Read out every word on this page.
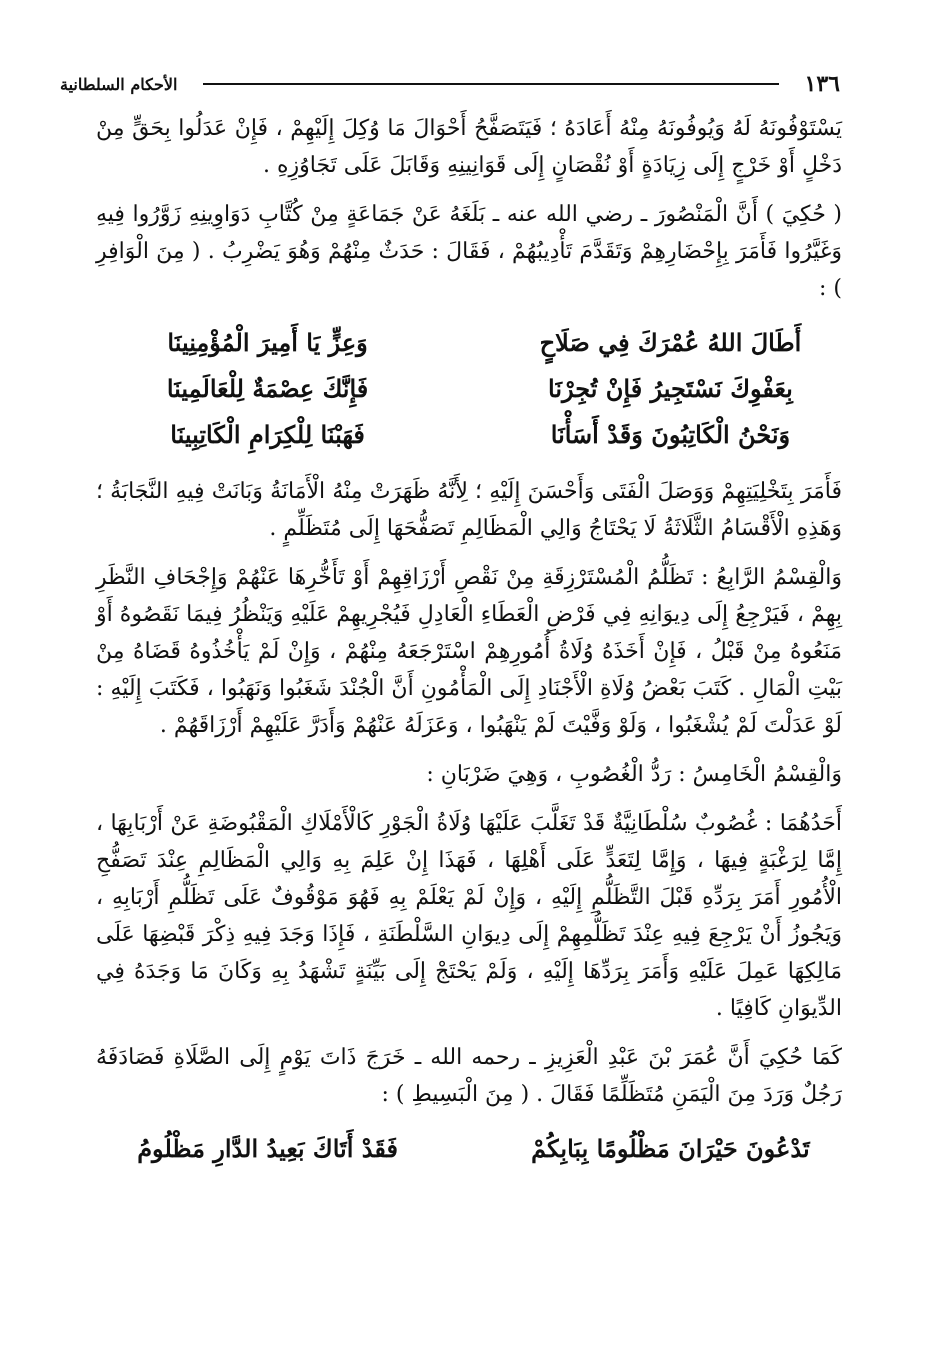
١٣٦
الأحكام السلطانية

يَسْتَوْفُونَهُ لَهُ وَيُوفُونَهُ مِنْهُ أَعَادَهُ ؛ فَيَتَصَفَّحُ أَحْوَالَ مَا وُكِلَ إِلَيْهِمْ ، فَإِنْ عَدَلُوا بِحَقٍّ مِنْ دَخْلٍ أَوْ خَرْجٍ إِلَى زِيَادَةٍ أَوْ نُقْصَانٍ إِلَى قَوَانِينِهِ وَقَابَلَ عَلَى تَجَاوُزِهِ .

( حُكِيَ ) أَنَّ الْمَنْصُورَ ـ رضي الله عنه ـ بَلَغَهُ عَنْ جَمَاعَةٍ مِنْ كُتَّابِ دَوَاوِينِهِ زَوَّرُوا فِيهِ وَغَيَّرُوا فَأَمَرَ بِإِحْضَارِهِمْ وَتَقَدَّمَ تَأْدِيبُهُمْ ، فَقَالَ : حَدَثٌ مِنْهُمْ وَهُوَ يَضْرِبُ . ( مِنَ الْوَافِرِ ) :

أَطَالَ اللهُ عُمْرَكَ فِي صَلَاحٍ
وَعِزٍّ يَا أَمِيرَ الْمُؤْمِنِينَا
بِعَفْوِكَ نَسْتَجِيرُ فَإِنْ تُجِرْنَا
فَإِنَّكَ عِصْمَةٌ لِلْعَالَمِينَا
وَنَحْنُ الْكَاتِبُونَ وَقَدْ أَسَأْنَا
فَهَبْنَا لِلْكِرَامِ الْكَاتِبِينَا

فَأَمَرَ بِتَخْلِيَتِهِمْ وَوَصَلَ الْفَتَى وَأَحْسَنَ إِلَيْهِ ؛ لِأَنَّهُ ظَهَرَتْ مِنْهُ الْأَمَانَةُ وَبَانَتْ فِيهِ النَّجَابَةُ ؛ وَهَذِهِ الْأَقْسَامُ الثَّلَاثَةُ لَا يَحْتَاجُ وَالِي الْمَظَالِمِ تَصَفُّحَهَا إِلَى مُتَظَلِّمٍ .

وَالْقِسْمُ الرَّابِعُ : تَظَلُّمُ الْمُسْتَرْزِقَةِ مِنْ نَقْصِ أَرْزَاقِهِمْ أَوْ تَأَخُّرِهَا عَنْهُمْ وَإِجْحَافِ النَّظَرِ بِهِمْ ، فَيَرْجِعُ إِلَى دِيوَانِهِ فِي فَرْضِ الْعَطَاءِ الْعَادِلِ فَيُجْرِيهِمْ عَلَيْهِ وَيَنْظُرُ فِيمَا نَقَصُوهُ أَوْ مَنَعُوهُ مِنْ قَبْلُ ، فَإِنْ أَخَذَهُ وُلَاةُ أُمُورِهِمْ اسْتَرْجَعَهُ مِنْهُمْ ، وَإِنْ لَمْ يَأْخُذُوهُ قَضَاهُ مِنْ بَيْتِ الْمَالِ . كَتَبَ بَعْضُ وُلَاةِ الْأَجْنَادِ إِلَى الْمَأْمُونِ أَنَّ الْجُنْدَ شَغَبُوا وَنَهَبُوا ، فَكَتَبَ إِلَيْهِ : لَوْ عَدَلْتَ لَمْ يُشْغَبُوا ، وَلَوْ وَفَّيْتَ لَمْ يَنْهَبُوا ، وَعَزَلَهُ عَنْهُمْ وَأَدَرَّ عَلَيْهِمْ أَرْزَاقَهُمْ .

وَالْقِسْمُ الْخَامِسُ : رَدُّ الْغُصُوبِ ، وَهِيَ ضَرْبَانِ :

أَحَدُهُمَا : غُصُوبٌ سُلْطَانِيَّةٌ قَدْ تَغَلَّبَ عَلَيْهَا وُلَاةُ الْجَوْرِ كَالْأَمْلَاكِ الْمَقْبُوضَةِ عَنْ أَرْبَابِهَا ، إِمَّا لِرَغْبَةٍ فِيهَا ، وَإِمَّا لِتَعَدٍّ عَلَى أَهْلِهَا ، فَهَذَا إِنْ عَلِمَ بِهِ وَالِي الْمَظَالِمِ عِنْدَ تَصَفُّحِ الْأُمُورِ أَمَرَ بِرَدِّهِ قَبْلَ التَّظَلُّمِ إِلَيْهِ ، وَإِنْ لَمْ يَعْلَمْ بِهِ فَهُوَ مَوْقُوفٌ عَلَى تَظَلُّمِ أَرْبَابِهِ ، وَيَجُوزُ أَنْ يَرْجِعَ فِيهِ عِنْدَ تَظَلُّمِهِمْ إِلَى دِيوَانِ السَّلْطَنَةِ ، فَإِذَا وَجَدَ فِيهِ ذِكْرَ قَبْضِهَا عَلَى مَالِكِهَا عَمِلَ عَلَيْهِ وَأَمَرَ بِرَدِّهَا إِلَيْهِ ، وَلَمْ يَحْتَجْ إِلَى بَيِّنَةٍ تَشْهَدُ بِهِ وَكَانَ مَا وَجَدَهُ فِي الدِّيوَانِ كَافِيًا .

كَمَا حُكِيَ أَنَّ عُمَرَ بْنَ عَبْدِ الْعَزِيزِ ـ رحمه الله ـ خَرَجَ ذَاتَ يَوْمٍ إِلَى الصَّلَاةِ فَصَادَفَهُ رَجُلٌ وَرَدَ مِنَ الْيَمَنِ مُتَظَلِّمًا فَقَالَ . ( مِنَ الْبَسِيطِ ) :

تَدْعُونَ حَيْرَانَ مَظْلُومًا بِبَابِكُمْ
فَقَدْ أَتَاكَ بَعِيدُ الدَّارِ مَظْلُومُ
